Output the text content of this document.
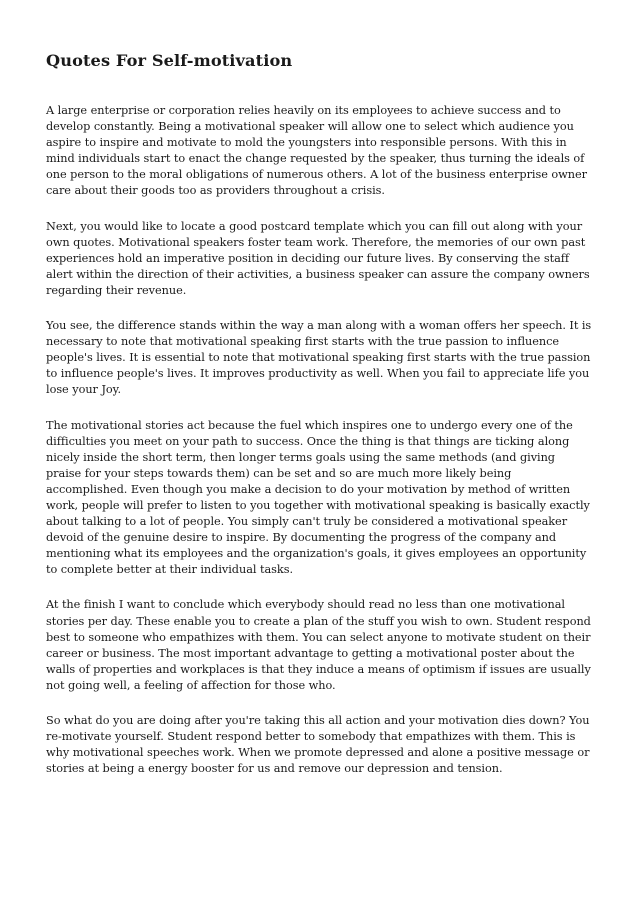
Quotes For Self-motivation

A large enterprise or corporation relies heavily on its employees to achieve success and to develop constantly. Being a motivational speaker will allow one to select which audience you aspire to inspire and motivate to mold the youngsters into responsible persons. With this in mind individuals start to enact the change requested by the speaker, thus turning the ideals of one person to the moral obligations of numerous others. A lot of the business enterprise owner care about their goods too as providers throughout a crisis.

Next, you would like to locate a good postcard template which you can fill out along with your own quotes. Motivational speakers foster team work. Therefore, the memories of our own past experiences hold an imperative position in deciding our future lives. By conserving the staff alert within the direction of their activities, a business speaker can assure the company owners regarding their revenue.

You see, the difference stands within the way a man along with a woman offers her speech. It is necessary to note that motivational speaking first starts with the true passion to influence people's lives. It is essential to note that motivational speaking first starts with the true passion to influence people's lives. It improves productivity as well. When you fail to appreciate life you lose your Joy.

The motivational stories act because the fuel which inspires one to undergo every one of the difficulties you meet on your path to success. Once the thing is that things are ticking along nicely inside the short term, then longer terms goals using the same methods (and giving praise for your steps towards them) can be set and so are much more likely being accomplished. Even though you make a decision to do your motivation by method of written work, people will prefer to listen to you together with motivational speaking is basically exactly about talking to a lot of people. You simply can't truly be considered a motivational speaker devoid of the genuine desire to inspire. By documenting the progress of the company and mentioning what its employees and the organization's goals, it gives employees an opportunity to complete better at their individual tasks.

At the finish I want to conclude which everybody should read no less than one motivational stories per day. These enable you to create a plan of the stuff you wish to own. Student respond best to someone who empathizes with them. You can select anyone to motivate student on their career or business. The most important advantage to getting a motivational poster about the walls of properties and workplaces is that they induce a means of optimism if issues are usually not going well, a feeling of affection for those who.

So what do you are doing after you're taking this all action and your motivation dies down? You re-motivate yourself. Student respond better to somebody that empathizes with them. This is why motivational speeches work. When we promote depressed and alone a positive message or stories at being a energy booster for us and remove our depression and tension.
